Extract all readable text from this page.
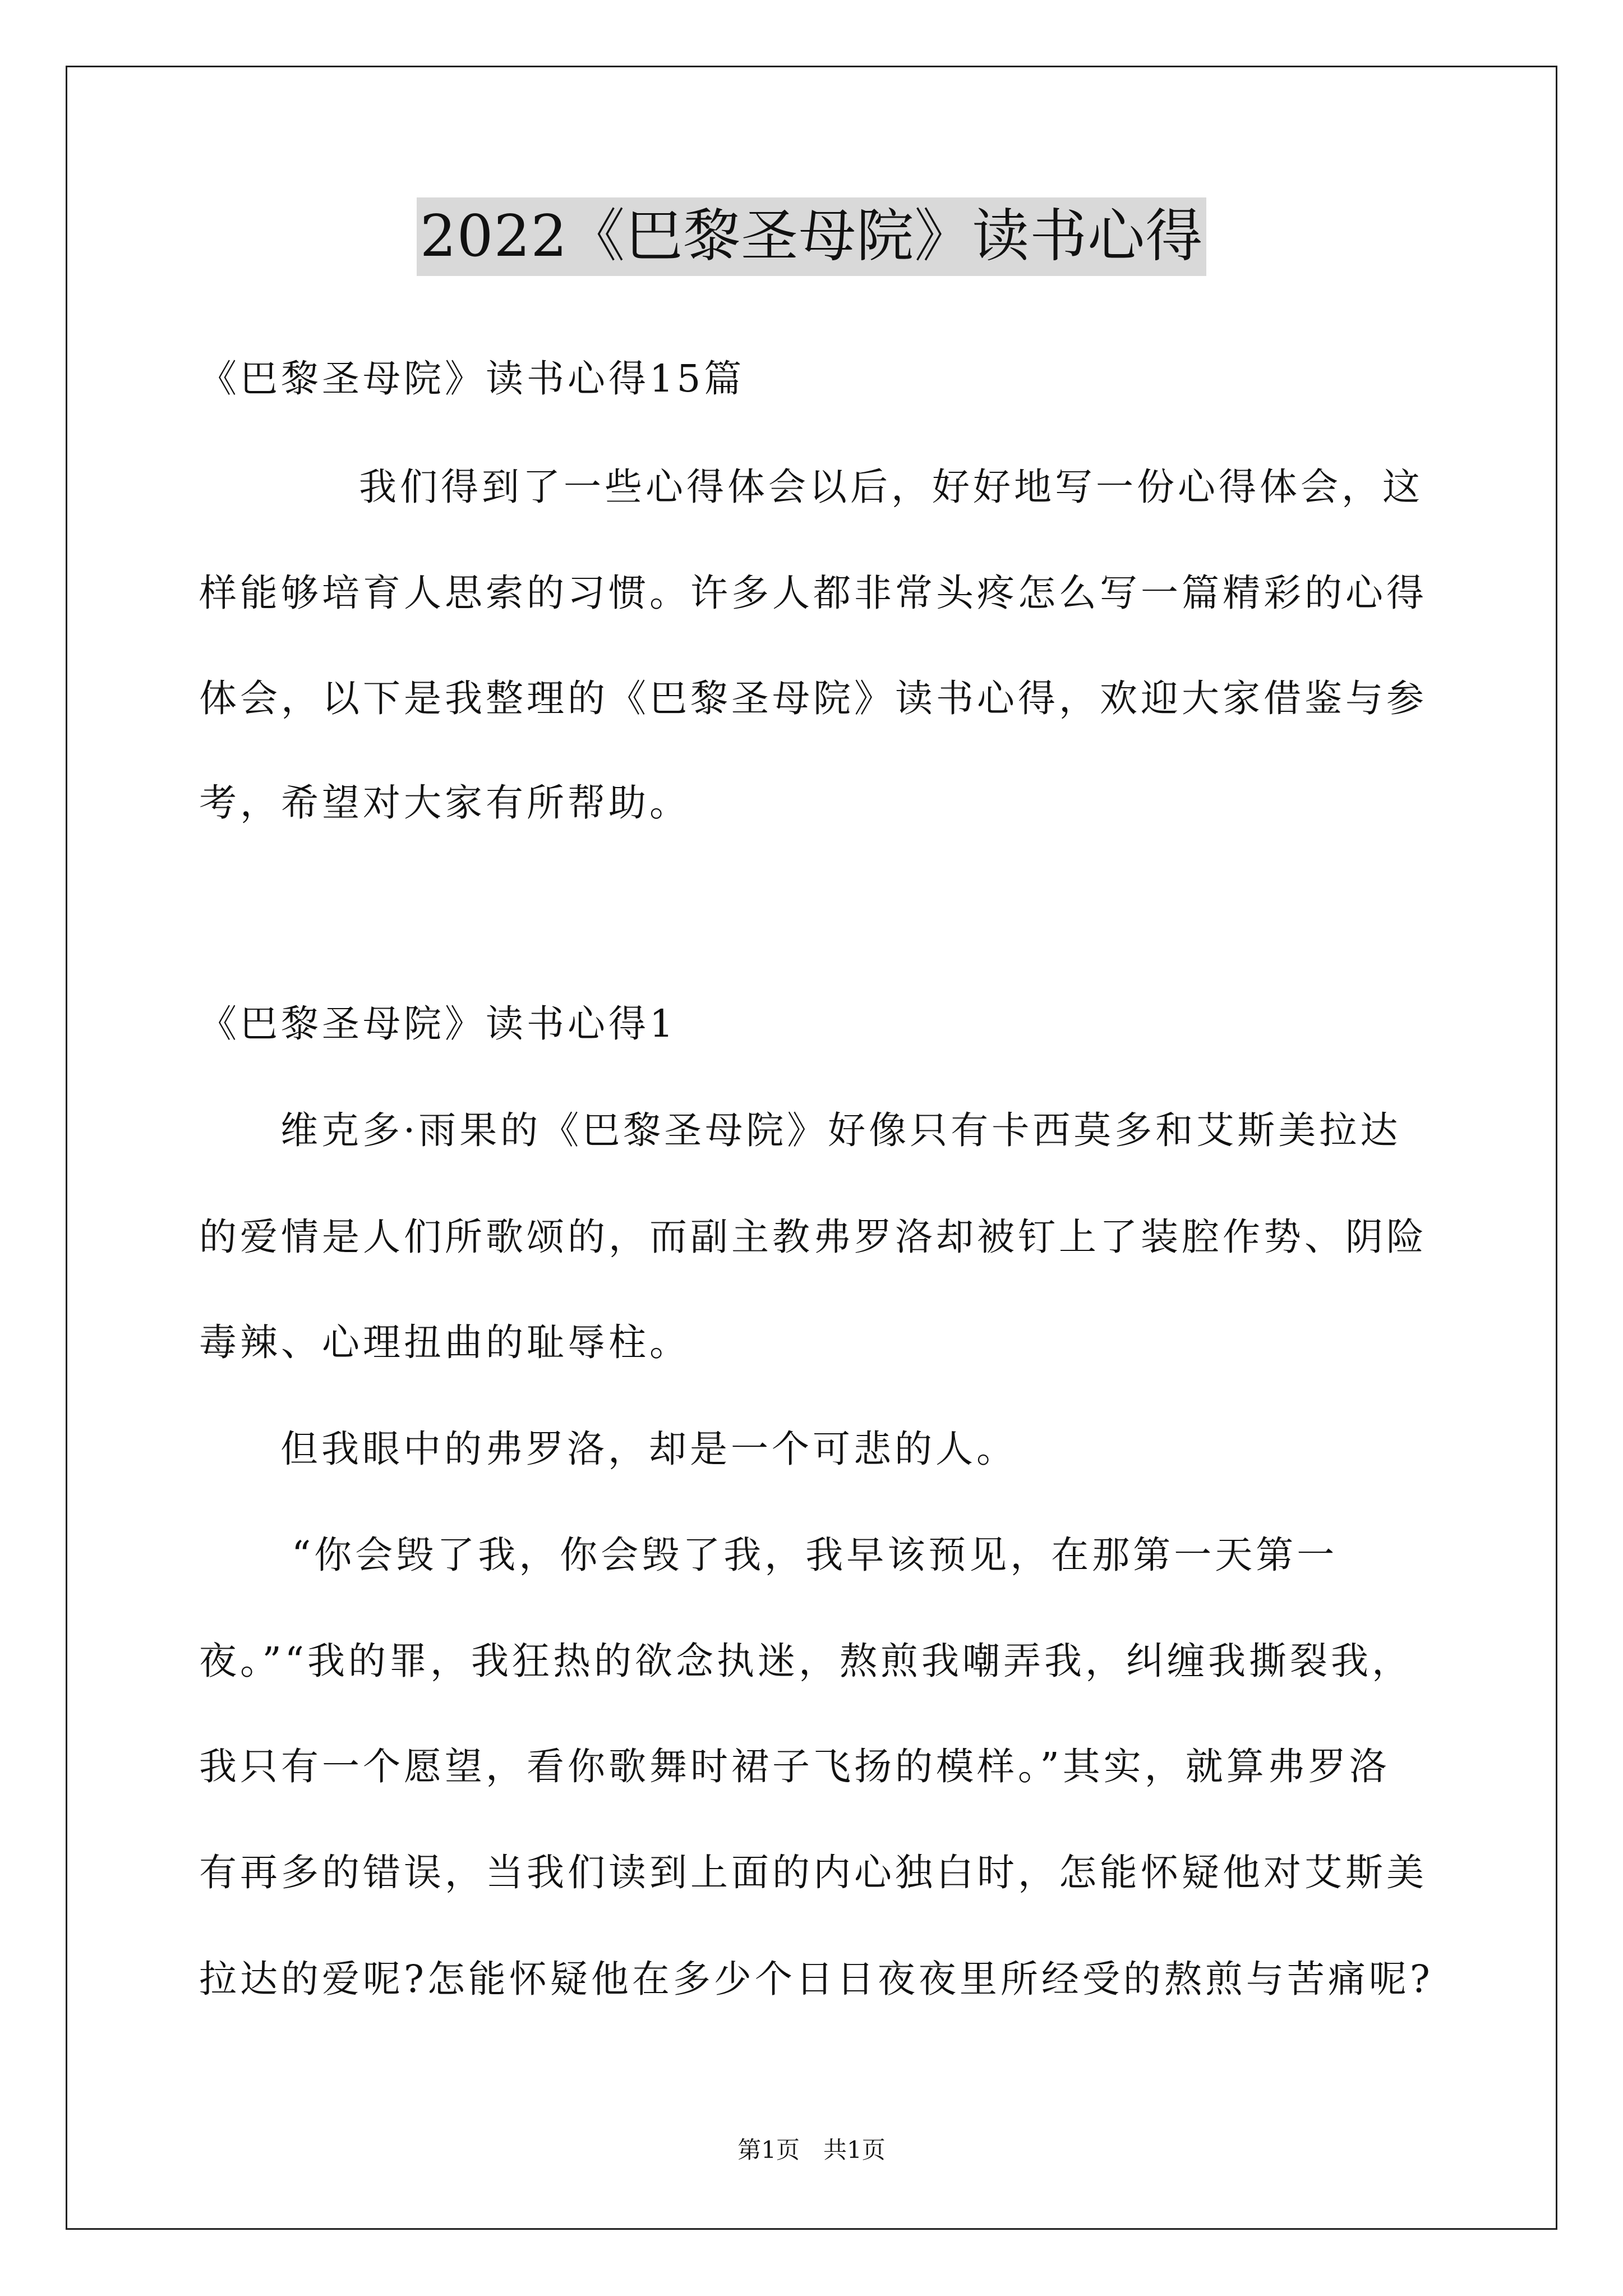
2022《巴黎圣母院》读书心得
《巴黎圣母院》读书心得15篇
我们得到了一些心得体会以后，好好地写一份心得体会，这
样能够培育人思索的习惯。许多人都非常头疼怎么写一篇精彩的心得
体会，以下是我整理的《巴黎圣母院》读书心得，欢迎大家借鉴与参
考，希望对大家有所帮助。
《巴黎圣母院》读书心得1
维克多·雨果的《巴黎圣母院》好像只有卡西莫多和艾斯美拉达
的爱情是人们所歌颂的，而副主教弗罗洛却被钉上了装腔作势、阴险
毒辣、心理扭曲的耻辱柱。
但我眼中的弗罗洛，却是一个可悲的人。
“你会毁了我，你会毁了我，我早该预见，在那第一天第一
夜。”“我的罪，我狂热的欲念执迷，熬煎我嘲弄我，纠缠我撕裂我，
我只有一个愿望，看你歌舞时裙子飞扬的模样。”其实，就算弗罗洛
有再多的错误，当我们读到上面的内心独白时，怎能怀疑他对艾斯美
拉达的爱呢?怎能怀疑他在多少个日日夜夜里所经受的熬煎与苦痛呢?
第1页　共1页
